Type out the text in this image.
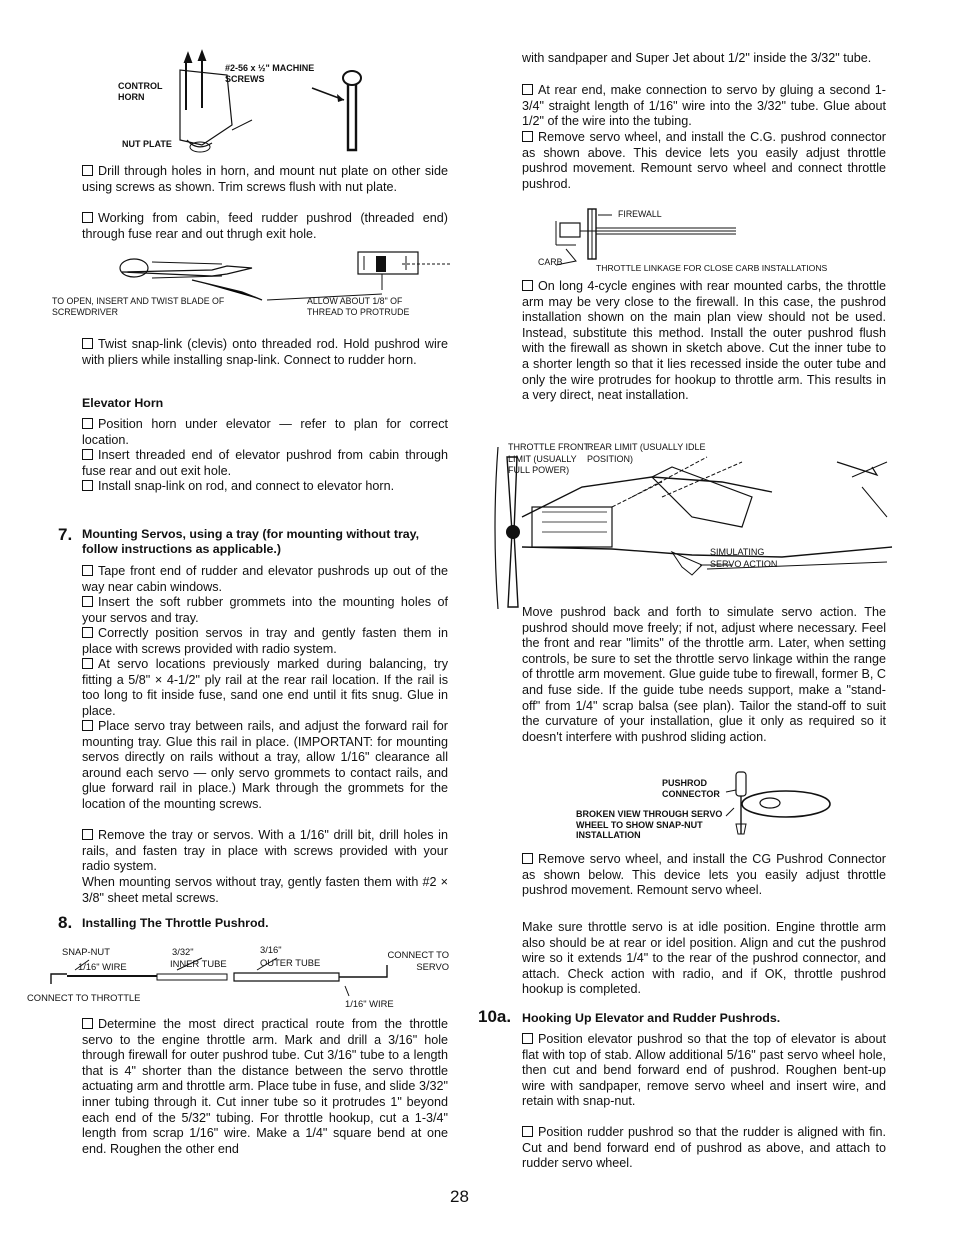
CONTROL HORN
#2-56 x ½" MACHINE SCREWS
NUT PLATE

Drill through holes in horn, and mount nut plate on other side using screws as shown. Trim screws flush with nut plate.

Working from cabin, feed rudder pushrod (threaded end) through fuse rear and out thrugh exit hole.

TO OPEN, INSERT AND TWIST BLADE OF SCREWDRIVER
ALLOW ABOUT 1/8" OF THREAD TO PROTRUDE

Twist snap-link (clevis) onto threaded rod. Hold pushrod wire with pliers while installing snap-link. Connect to rudder horn.

Elevator Horn

Position horn under elevator — refer to plan for correct location.

Insert threaded end of elevator pushrod from cabin through fuse rear and out exit hole.

Install snap-link on rod, and connect to elevator horn.

7. Mounting Servos, using a tray (for mounting without tray, follow instructions as applicable.)

Tape front end of rudder and elevator pushrods up out of the way near cabin windows.

Insert the soft rubber grommets into the mounting holes of your servos and tray.

Correctly position servos in tray and gently fasten them in place with screws provided with radio system.

At servo locations previously marked during balancing, try fitting a 5/8" × 4-1/2" ply rail at the rear rail location. If the rail is too long to fit inside fuse, sand one end until it fits snug. Glue in place.

Place servo tray between rails, and adjust the forward rail for mounting tray. Glue this rail in place. (IMPORTANT: for mounting servos directly on rails without a tray, allow 1/16" clearance all around each servo — only servo grommets to contact rails, and glue forward rail in place.) Mark through the grommets for the location of the mounting screws.

Remove the tray or servos. With a 1/16" drill bit, drill holes in rails, and fasten tray in place with screws provided with your radio system.

When mounting servos without tray, gently fasten them with #2 × 3/8" sheet metal screws.

8. Installing The Throttle Pushrod.
SNAP-NUT
1/16" WIRE
3/32"
INNER TUBE
3/16"
OUTER TUBE
CONNECT TO SERVO
CONNECT TO THROTTLE
1/16" WIRE

Determine the most direct practical route from the throttle servo to the engine throttle arm. Mark and drill a 3/16" hole through firewall for outer pushrod tube. Cut 3/16" tube to a length that is 4" shorter than the distance between the servo throttle actuating arm and throttle arm. Place tube in fuse, and slide 3/32" inner tubing through it. Cut inner tube so it protrudes 1" beyond each end of the 5/32" tubing. For throttle hookup, cut a 1-3/4" length from scrap 1/16" wire. Make a 1/4" square bend at one end. Roughen the other end

with sandpaper and Super Jet about 1/2" inside the 3/32" tube.

At rear end, make connection to servo by gluing a second 1-3/4" straight length of 1/16" wire into the 3/32" tube. Glue about 1/2" of the wire into the tubing.

Remove servo wheel, and install the C.G. pushrod connector as shown above. This device lets you easily adjust throttle pushrod movement. Remount servo wheel and connect throttle pushrod.

FIREWALL
CARB
THROTTLE LINKAGE FOR CLOSE CARB INSTALLATIONS

On long 4-cycle engines with rear mounted carbs, the throttle arm may be very close to the firewall. In this case, the pushrod installation shown on the main plan view should not be used. Instead, substitute this method. Install the outer pushrod flush with the firewall as shown in sketch above. Cut the inner tube to a shorter length so that it lies recessed inside the outer tube and only the wire protrudes for hookup to throttle arm. This results in a very direct, neat installation.

THROTTLE FRONT LIMIT (USUALLY FULL POWER)
REAR LIMIT (USUALLY IDLE POSITION)
SIMULATING SERVO ACTION

Move pushrod back and forth to simulate servo action. The pushrod should move freely; if not, adjust where necessary. Feel the front and rear "limits" of the throttle arm. Later, when setting controls, be sure to set the throttle servo linkage within the range of throttle arm movement. Glue guide tube to firewall, former B, C and fuse side. If the guide tube needs support, make a "stand-off" from 1/4" scrap balsa (see plan). Tailor the stand-off to suit the curvature of your installation, glue it only as required so it doesn't interfere with pushrod sliding action.

PUSHROD CONNECTOR
BROKEN VIEW THROUGH SERVO WHEEL TO SHOW SNAP-NUT INSTALLATION

Remove servo wheel, and install the CG Pushrod Connector as shown below. This device lets you easily adjust throttle pushrod movement. Remount servo wheel.

Make sure throttle servo is at idle position. Engine throttle arm also should be at rear or idel position. Align and cut the pushrod wire so it extends 1/4" to the rear of the pushrod connector, and attach. Check action with radio, and if OK, throttle pushrod hookup is completed.

10a. Hooking Up Elevator and Rudder Pushrods.

Position elevator pushrod so that the top of elevator is about flat with top of stab. Allow additional 5/16" past servo wheel hole, then cut and bend forward end of pushrod. Roughen bent-up wire with sandpaper, remove servo wheel and insert wire, and retain with snap-nut.

Position rudder pushrod so that the rudder is aligned with fin. Cut and bend forward end of pushrod as above, and attach to rudder servo wheel.

28
